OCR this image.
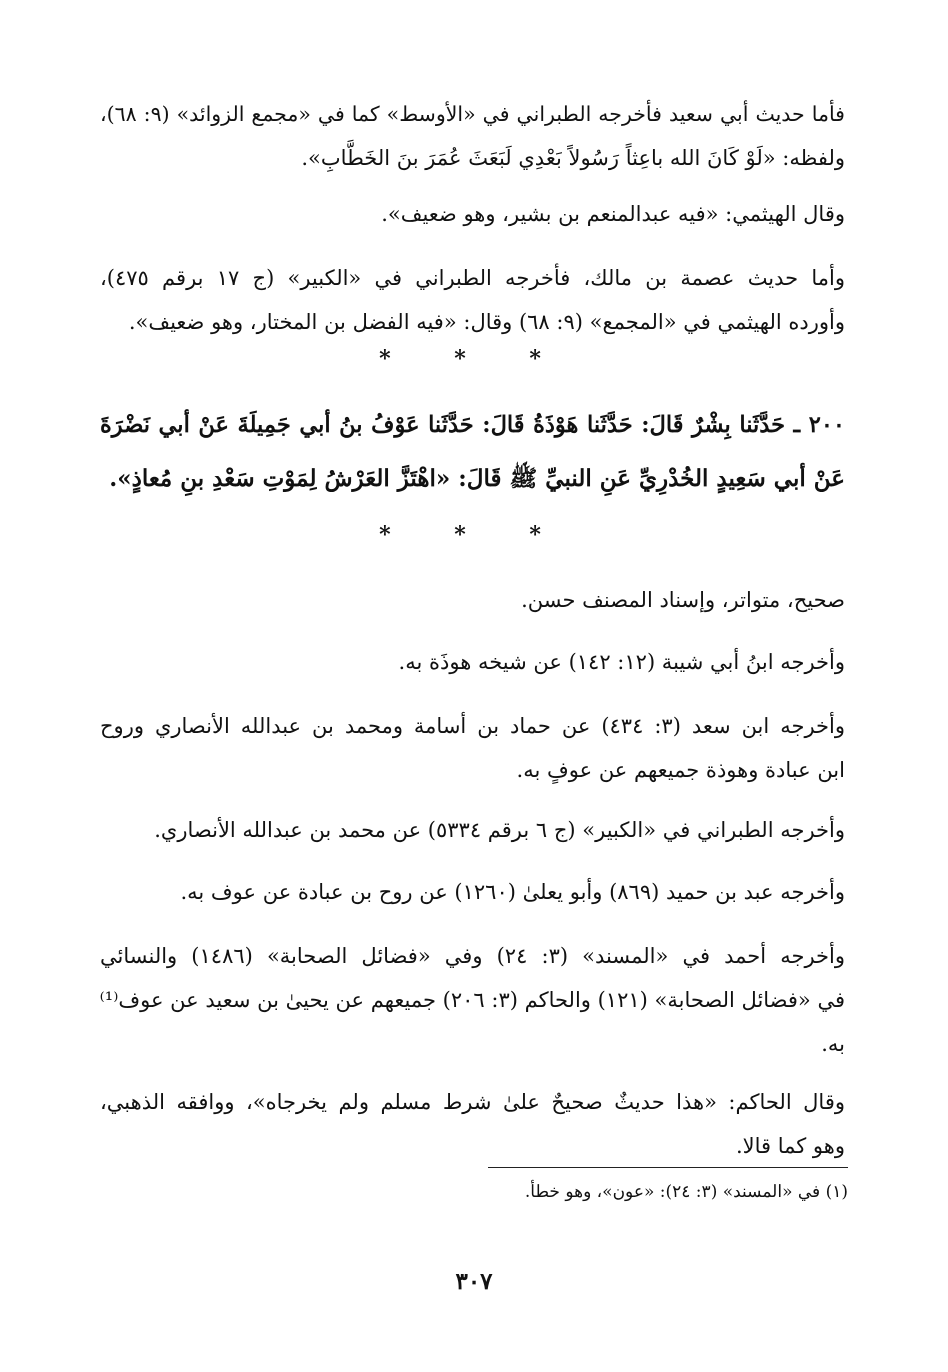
فأما حديث أبي سعيد فأخرجه الطبراني في «الأوسط» كما في «مجمع الزوائد» (٩: ٦٨)،
ولفظه: «لَوْ كَانَ الله باعِثاً رَسُولاً بَعْدِي لَبَعَثَ عُمَرَ بنَ الخَطَّابِ».
وقال الهيثمي: «فيه عبدالمنعم بن بشير، وهو ضعيف».
وأما حديث عصمة بن مالك، فأخرجه الطبراني في «الكبير» (ج ١٧ برقم ٤٧٥)،
وأورده الهيثمي في «المجمع» (٩: ٦٨) وقال: «فيه الفضل بن المختار، وهو ضعيف».
* * *
٢٠٠ ـ حَدَّثَنا بِشْرٌ قَالَ: حَدَّثَنا هَوْذَةُ قَالَ: حَدَّثَنا عَوْفُ بنُ أبي جَمِيلَةَ عَنْ أبي نَضْرَةَ
عَنْ أبي سَعِيدٍ الخُدْرِيِّ عَنِ النبيِّ ﷺ قَالَ: «اهْتَزَّ العَرْشُ لِمَوْتِ سَعْدِ بنِ مُعاذٍ».
* * *
صحيح، متواتر، وإسناد المصنف حسن.
وأخرجه ابنُ أبي شيبة (١٢: ١٤٢) عن شيخه هوذَة به.
وأخرجه ابن سعد (٣: ٤٣٤) عن حماد بن أسامة ومحمد بن عبدالله الأنصاري وروح
ابن عبادة وهوذة جميعهم عن عوفٍ به.
وأخرجه الطبراني في «الكبير» (ج ٦ برقم ٥٣٣٤) عن محمد بن عبدالله الأنصاري.
وأخرجه عبد بن حميد (٨٦٩) وأبو يعلىٰ (١٢٦٠) عن روح بن عبادة عن عوف به.
وأخرجه أحمد في «المسند» (٣: ٢٤) وفي «فضائل الصحابة» (١٤٨٦) والنسائي
في «فضائل الصحابة» (١٢١) والحاكم (٣: ٢٠٦) جميعهم عن يحيىٰ بن سعيد عن عوف⁽¹⁾
به.
وقال الحاكم: «هذا حديثٌ صحيحٌ علىٰ شرط مسلم ولم يخرجاه»، ووافقه الذهبي،
وهو كما قالا.
(١) في «المسند» (٣: ٢٤): «عون»، وهو خطأ.
٣٠٧
